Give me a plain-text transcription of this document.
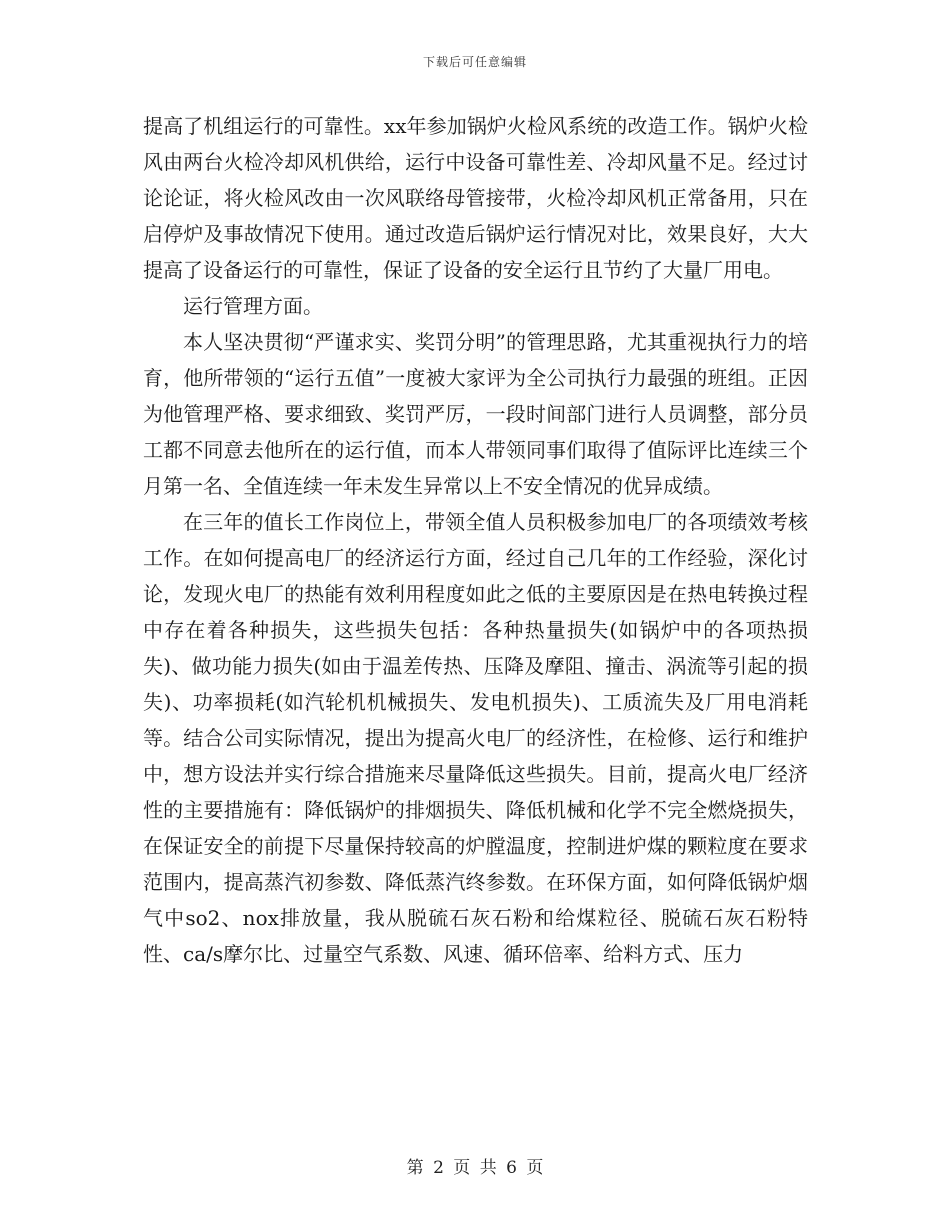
下载后可任意编辑

提高了机组运行的可靠性。xx年参加锅炉火检风系统的改造工作。锅炉火检风由两台火检冷却风机供给，运行中设备可靠性差、冷却风量不足。经过讨论论证，将火检风改由一次风联络母管接带，火检冷却风机正常备用，只在启停炉及事故情况下使用。通过改造后锅炉运行情况对比，效果良好，大大提高了设备运行的可靠性，保证了设备的安全运行且节约了大量厂用电。

运行管理方面。

本人坚决贯彻“严谨求实、奖罚分明”的管理思路，尤其重视执行力的培育，他所带领的“运行五值”一度被大家评为全公司执行力最强的班组。正因为他管理严格、要求细致、奖罚严厉，一段时间部门进行人员调整，部分员工都不同意去他所在的运行值，而本人带领同事们取得了值际评比连续三个月第一名、全值连续一年未发生异常以上不安全情况的优异成绩。

在三年的值长工作岗位上，带领全值人员积极参加电厂的各项绩效考核工作。在如何提高电厂的经济运行方面，经过自己几年的工作经验，深化讨论，发现火电厂的热能有效利用程度如此之低的主要原因是在热电转换过程中存在着各种损失，这些损失包括：各种热量损失(如锅炉中的各项热损失)、做功能力损失(如由于温差传热、压降及摩阻、撞击、涡流等引起的损失)、功率损耗(如汽轮机机械损失、发电机损失)、工质流失及厂用电消耗等。结合公司实际情况，提出为提高火电厂的经济性，在检修、运行和维护中，想方设法并实行综合措施来尽量降低这些损失。目前，提高火电厂经济性的主要措施有：降低锅炉的排烟损失、降低机械和化学不完全燃烧损失，在保证安全的前提下尽量保持较高的炉膛温度，控制进炉煤的颗粒度在要求范围内，提高蒸汽初参数、降低蒸汽终参数。在环保方面，如何降低锅炉烟气中so2、nox排放量，我从脱硫石灰石粉和给煤粒径、脱硫石灰石粉特性、ca/s摩尔比、过量空气系数、风速、循环倍率、给料方式、压力

第 2 页 共 6 页
